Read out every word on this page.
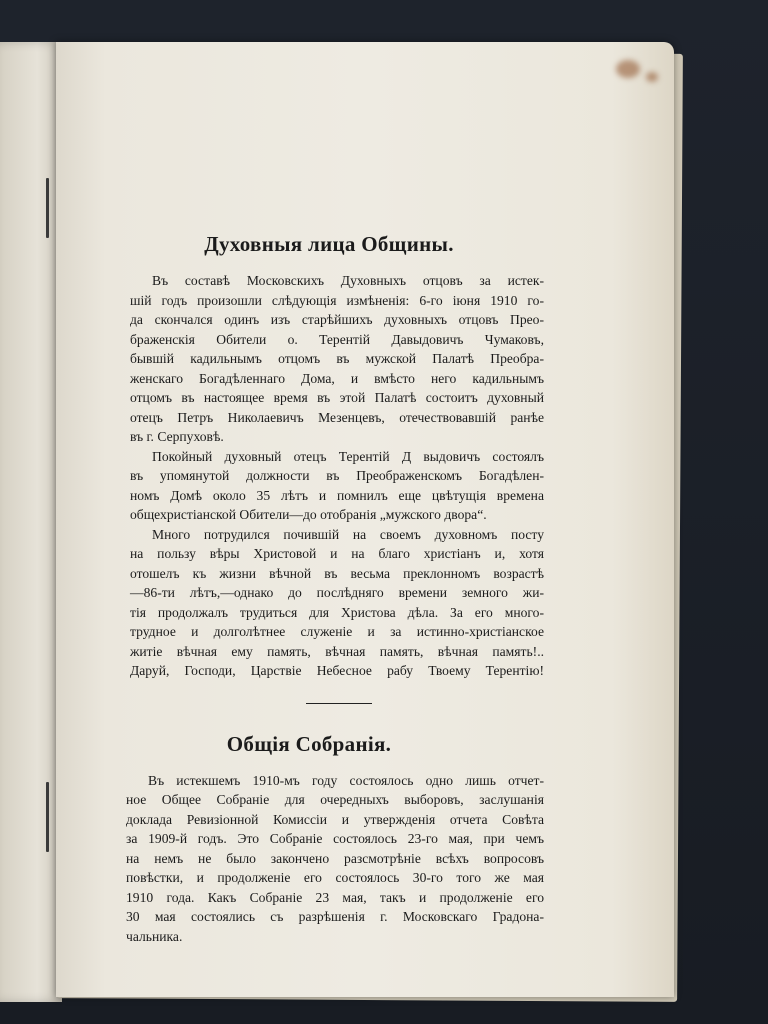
Духовныя лица Общины.

Въ составѣ Московскихъ Духовныхъ отцовъ за истек-

шій годъ произошли слѣдующія измѣненія: 6-го іюня 1910 го-

да скончался одинъ изъ старѣйшихъ духовныхъ отцовъ Прео-

браженскія Обители о. Терентій Давыдовичъ Чумаковъ,

бывшій кадильнымъ отцомъ въ мужской Палатѣ Преобра-

женскаго Богадѣленнаго Дома, и вмѣсто него кадильнымъ

отцомъ въ настоящее время въ этой Палатѣ состоитъ духовный

отецъ Петръ Николаевичъ Мезенцевъ, отечествовавшій ранѣе

въ г. Серпуховѣ.

Покойный духовный отецъ Терентій Д выдовичъ состоялъ

въ упомянутой должности въ Преображенскомъ Богадѣлен-

номъ Домѣ около 35 лѣтъ и помнилъ еще цвѣтущія времена

общехристіанской Обители—до отобранія „мужского двора“.

Много потрудился почившій на своемъ духовномъ посту

на пользу вѣры Христовой и на благо христіанъ и, хотя

отошелъ къ жизни вѣчной въ весьма преклонномъ возрастѣ

—86-ти лѣтъ,—однако до послѣдняго времени земного жи-

тія продолжалъ трудиться для Христова дѣла. За его много-

трудное и долголѣтнее служеніе и за истинно-христіанское

житіе вѣчная ему память, вѣчная память, вѣчная память!..

Даруй, Господи, Царствіе Небесное рабу Твоему Терентію!

Общія Собранія.

Въ истекшемъ 1910-мъ году состоялось одно лишь отчет-

ное Общее Собраніе для очередныхъ выборовъ, заслушанія

доклада Ревизіонной Комиссіи и утвержденія отчета Совѣта

за 1909-й годъ. Это Собраніе состоялось 23-го мая, при чемъ

на немъ не было закончено разсмотрѣніе всѣхъ вопросовъ

повѣстки, и продолженіе его состоялось 30-го того же мая

1910 года. Какъ Собраніе 23 мая, такъ и продолженіе его

30 мая состоялись съ разрѣшенія г. Московскаго Градона-

чальника.
